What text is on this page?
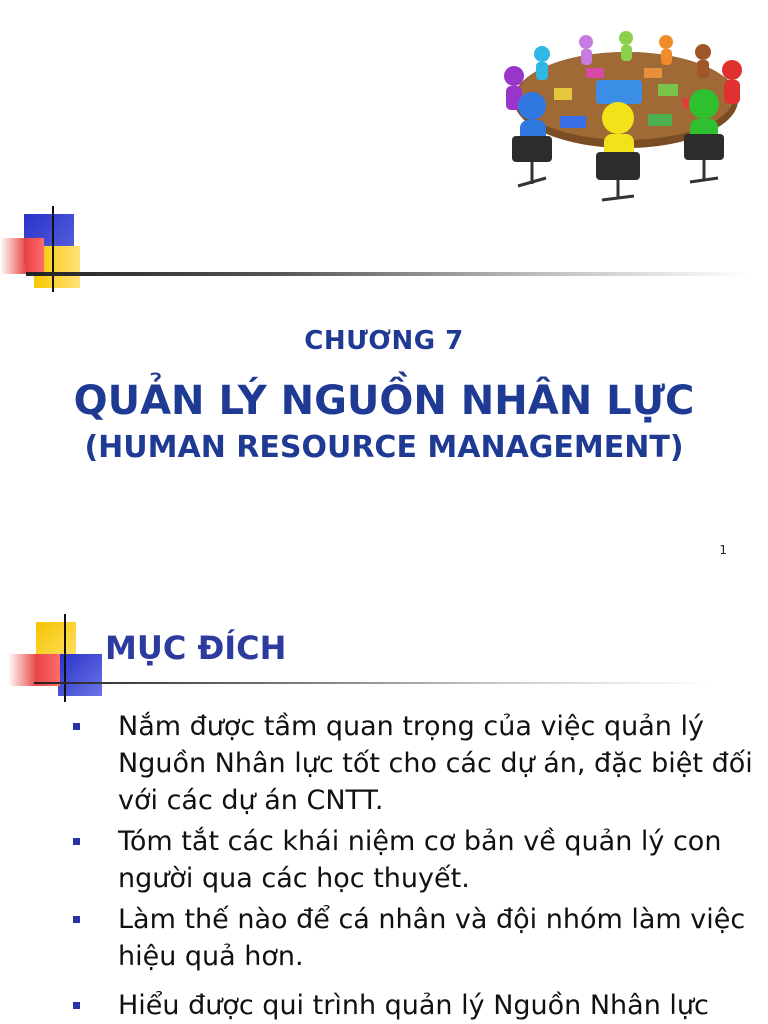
CHƯƠNG 7
QUẢN LÝ NGUỒN NHÂN LỰC
(HUMAN RESOURCE MANAGEMENT)
1
MỤC ĐÍCH
Nắm được tầm quan trọng của việc quản lý
Nguồn Nhân lực tốt cho các dự án, đặc biệt đối
với các dự án CNTT.
Tóm tắt các khái niệm cơ bản về quản lý con
người qua các học thuyết.
Làm thế nào để cá nhân và đội nhóm làm việc
hiệu quả hơn.
Hiểu được qui trình quản lý Nguồn Nhân lực
